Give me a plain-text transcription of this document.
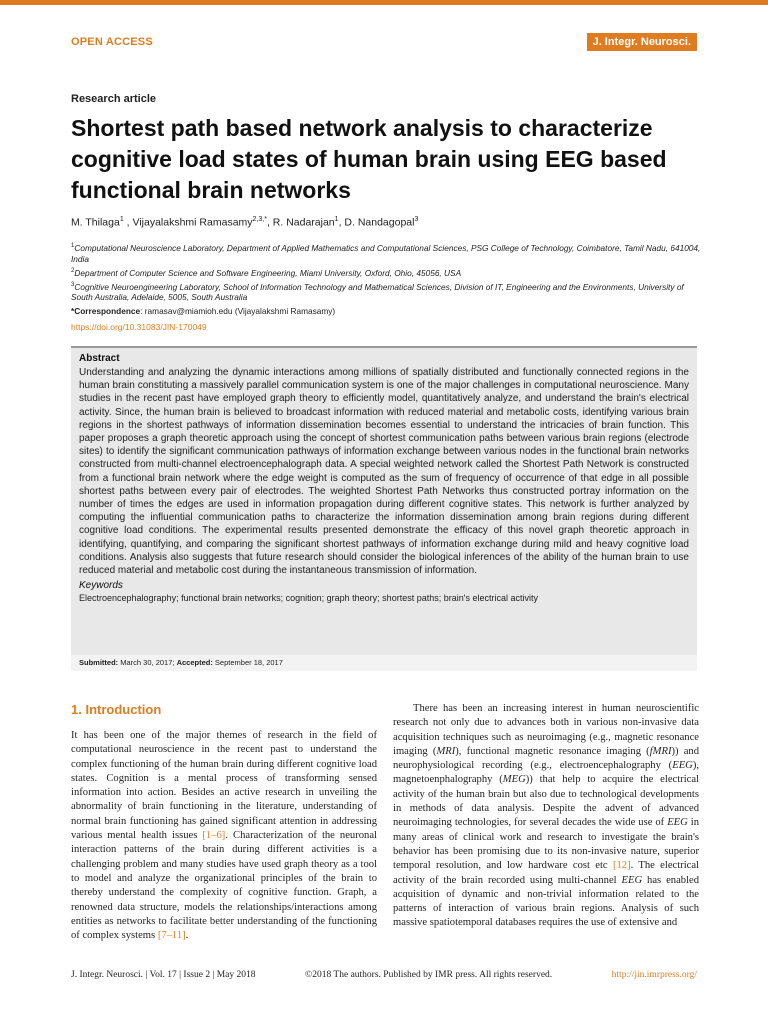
OPEN ACCESS	J. Integr. Neurosci.
Research article
Shortest path based network analysis to characterize cognitive load states of human brain using EEG based functional brain networks
M. Thilaga$^1$ , Vijayalakshmi Ramasamy$^{2,3,*}$, R. Nadarajan$^1$, D. Nandagopal$^3$
$^1$Computational Neuroscience Laboratory, Department of Applied Mathematics and Computational Sciences, PSG College of Technology, Coimbatore, Tamil Nadu, 641004, India
$^2$Department of Computer Science and Software Engineering, Miami University, Oxford, Ohio, 45056, USA
$^3$Cognitive Neuroengineering Laboratory, School of Information Technology and Mathematical Sciences, Division of IT, Engineering and the Environments, University of South Australia, Adelaide, 5005, South Australia
*Correspondence: ramasav@miamioh.edu (Vijayalakshmi Ramasamy)
https://doi.org/10.31083/JIN-170049
Abstract
Understanding and analyzing the dynamic interactions among millions of spatially distributed and functionally connected regions in the human brain constituting a massively parallel communication system is one of the major challenges in computational neuroscience. Many studies in the recent past have employed graph theory to efficiently model, quantitatively analyze, and understand the brain's electrical activity. Since, the human brain is believed to broadcast information with reduced material and metabolic costs, identifying various brain regions in the shortest pathways of information dissemination becomes essential to understand the intricacies of brain function. This paper proposes a graph theoretic approach using the concept of shortest communication paths between various brain regions (electrode sites) to identify the significant communication pathways of information exchange between various nodes in the functional brain networks constructed from multi-channel electroencephalograph data. A special weighted network called the Shortest Path Network is constructed from a functional brain network where the edge weight is computed as the sum of frequency of occurrence of that edge in all possible shortest paths between every pair of electrodes. The weighted Shortest Path Networks thus constructed portray information on the number of times the edges are used in information propagation during different cognitive states. This network is further analyzed by computing the influential communication paths to characterize the information dissemination among brain regions during different cognitive load conditions. The experimental results presented demonstrate the efficacy of this novel graph theoretic approach in identifying, quantifying, and comparing the significant shortest pathways of information exchange during mild and heavy cognitive load conditions. Analysis also suggests that future research should consider the biological inferences of the ability of the human brain to use reduced material and metabolic cost during the instantaneous transmission of information.
Keywords
Electroencephalography; functional brain networks; cognition; graph theory; shortest paths; brain's electrical activity
Submitted: March 30, 2017; Accepted: September 18, 2017
1. Introduction

It has been one of the major themes of research in the field of computational neuroscience in the recent past to understand the complex functioning of the human brain during different cognitive load states. Cognition is a mental process of transforming sensed information into action. Besides an active research in unveiling the abnormality of brain functioning in the literature, understanding of normal brain functioning has gained significant attention in addressing various mental health issues [1–6]. Characterization of the neuronal interaction patterns of the brain during different activities is a challenging problem and many studies have used graph theory as a tool to model and analyze the organizational principles of the brain to thereby understand the complexity of cognitive function. Graph, a renowned data structure, models the relationships/interactions among entities as networks to facilitate better understanding of the functioning of complex systems [7–11].

There has been an increasing interest in human neuroscientific research not only due to advances both in various non-invasive data acquisition techniques such as neuroimaging (e.g., magnetic resonance imaging (MRI), functional magnetic resonance imaging (fMRI)) and neurophysiological recording (e.g., electroencephalography (EEG), magnetoenphalography (MEG)) that help to acquire the electrical activity of the human brain but also due to technological developments in methods of data analysis. Despite the advent of advanced neuroimaging technologies, for several decades the wide use of EEG in many areas of clinical work and research to investigate the brain's behavior has been promising due to its non-invasive nature, superior temporal resolution, and low hardware cost etc [12]. The electrical activity of the brain recorded using multi-channel EEG has enabled acquisition of dynamic and non-trivial information related to the patterns of interaction of various brain regions. Analysis of such massive spatiotemporal databases requires the use of extensive and

J. Integr. Neurosci. | Vol. 17 | Issue 2 | May 2018	©2018 The authors. Published by IMR press. All rights reserved.	http://jin.imrpress.org/
